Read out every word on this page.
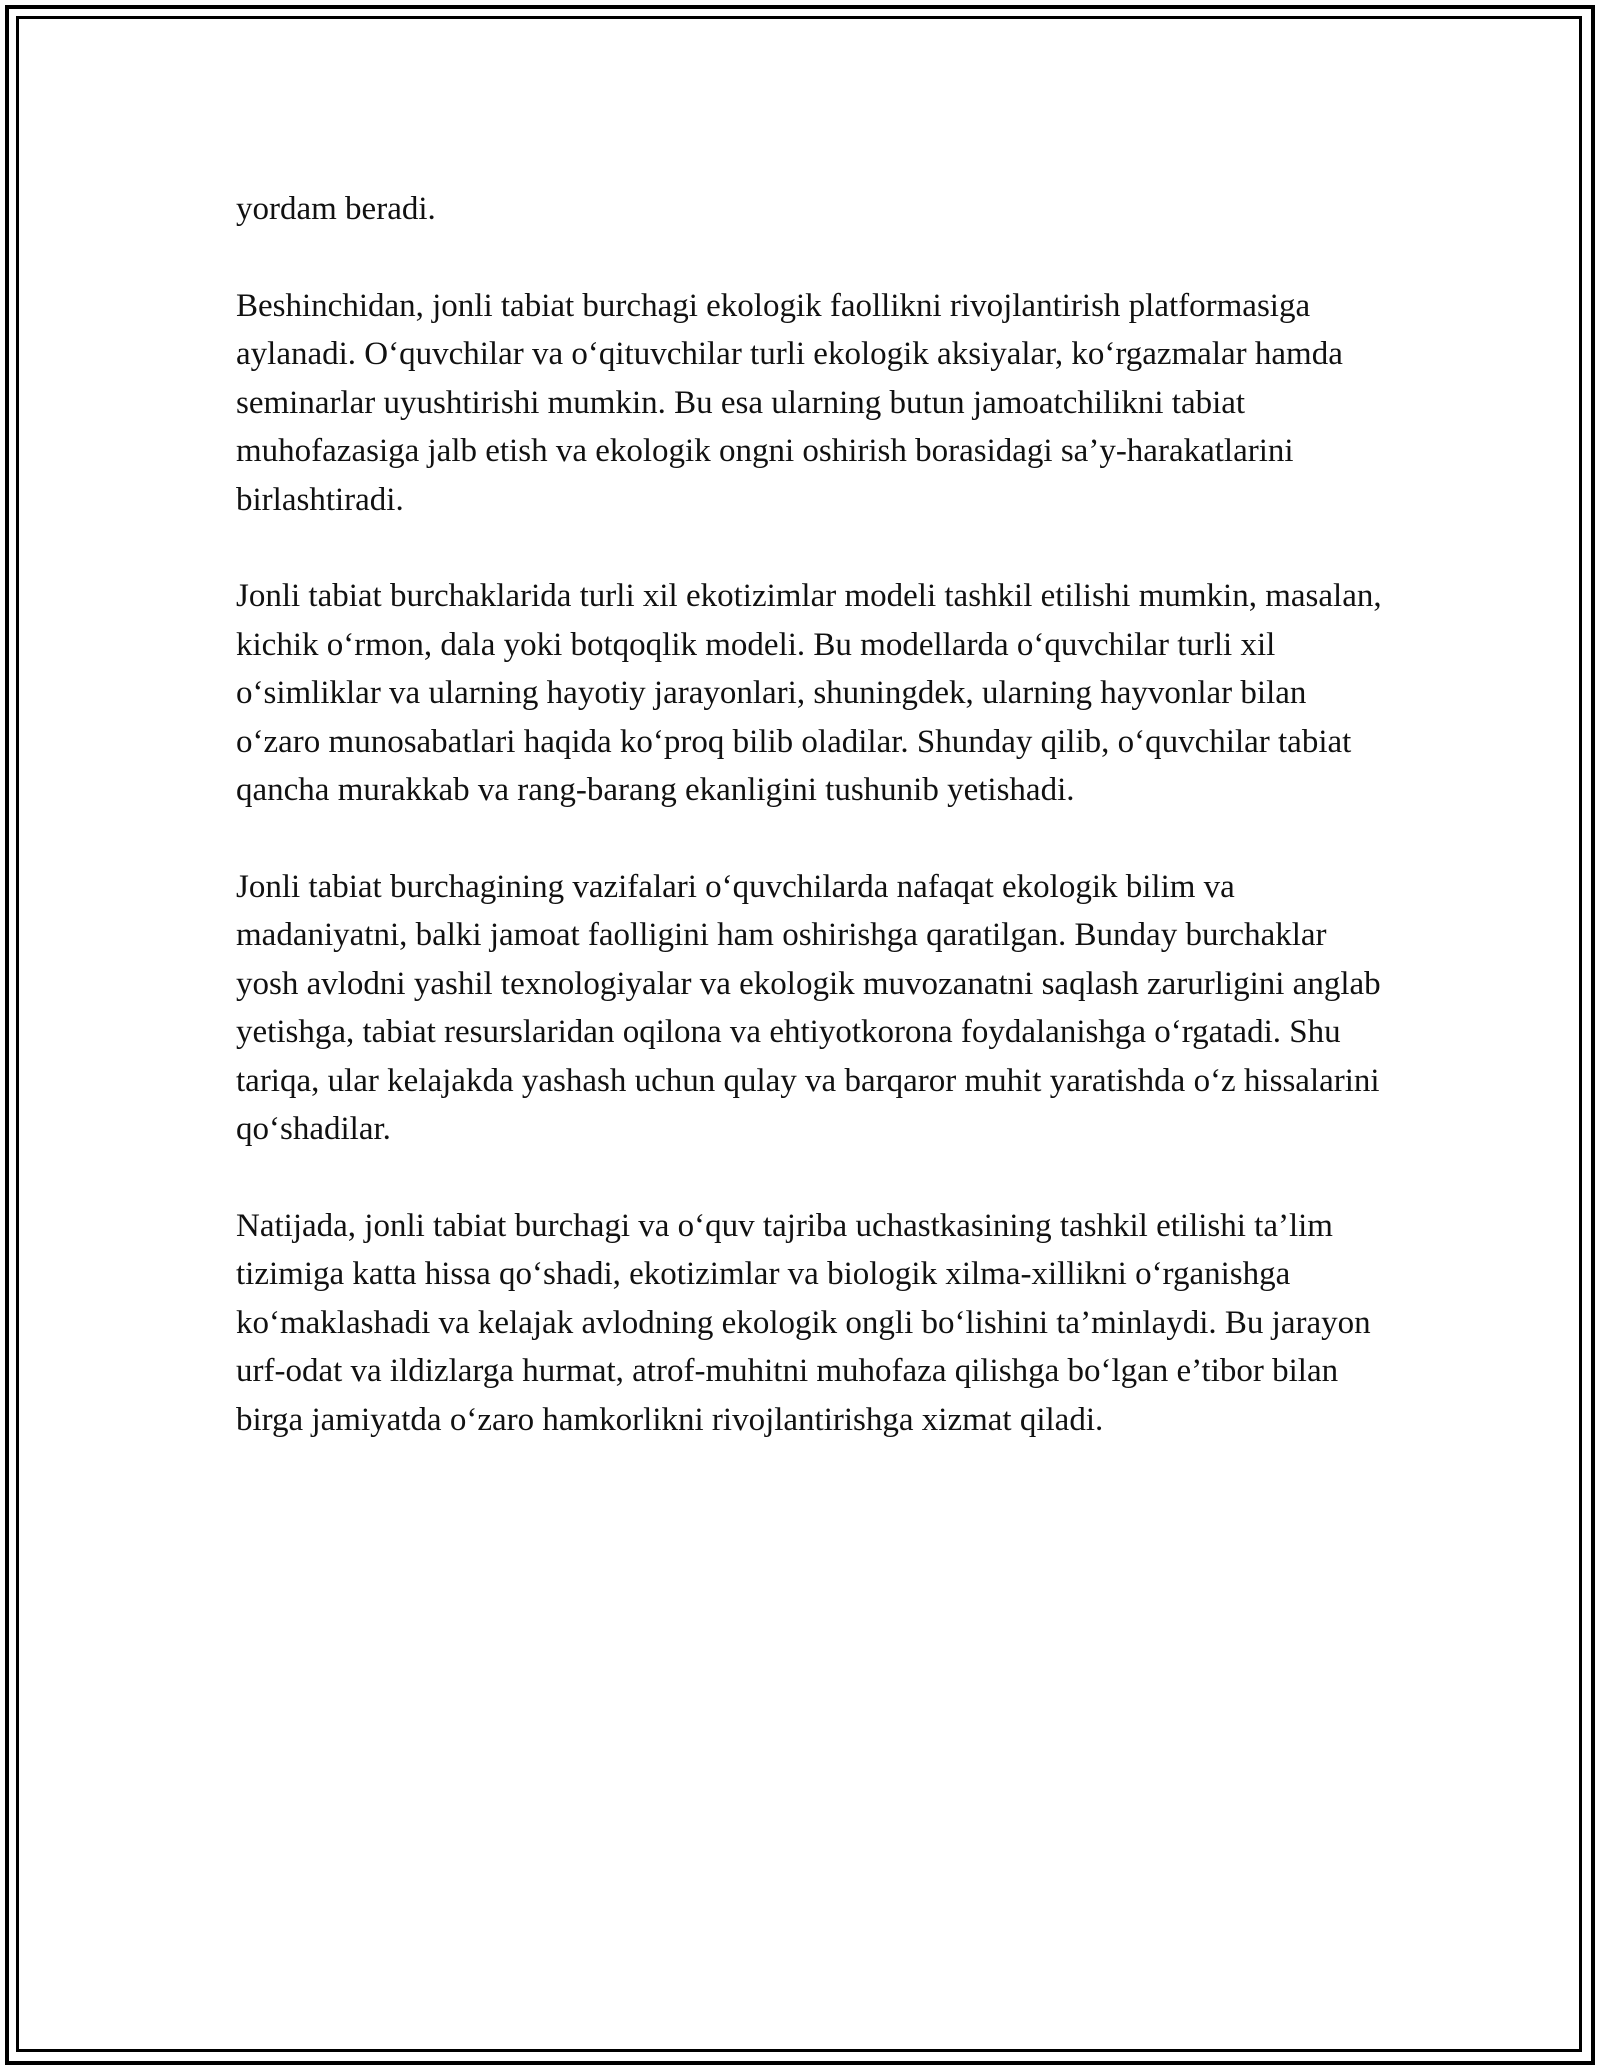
yordam beradi.

Beshinchidan, jonli tabiat burchagi ekologik faollikni rivojlantirish platformasiga aylanadi. O‘quvchilar va o‘qituvchilar turli ekologik aksiyalar, ko‘rgazmalar hamda seminarlar uyushtirishi mumkin. Bu esa ularning butun jamoatchilikni tabiat muhofazasiga jalb etish va ekologik ongni oshirish borasidagi sa’y-harakatlarini birlashtiradi.

Jonli tabiat burchaklarida turli xil ekotizimlar modeli tashkil etilishi mumkin, masalan, kichik o‘rmon, dala yoki botqoqlik modeli. Bu modellarda o‘quvchilar turli xil o‘simliklar va ularning hayotiy jarayonlari, shuningdek, ularning hayvonlar bilan o‘zaro munosabatlari haqida ko‘proq bilib oladilar. Shunday qilib, o‘quvchilar tabiat qancha murakkab va rang-barang ekanligini tushunib yetishadi.

Jonli tabiat burchagining vazifalari o‘quvchilarda nafaqat ekologik bilim va madaniyatni, balki jamoat faolligini ham oshirishga qaratilgan. Bunday burchaklar yosh avlodni yashil texnologiyalar va ekologik muvozanatni saqlash zarurligini anglab yetishga, tabiat resurslaridan oqilona va ehtiyotkorona foydalanishga o‘rgatadi. Shu tariqa, ular kelajakda yashash uchun qulay va barqaror muhit yaratishda o‘z hissalarini qo‘shadilar.

Natijada, jonli tabiat burchagi va o‘quv tajriba uchastkasining tashkil etilishi ta’lim tizimiga katta hissa qo‘shadi, ekotizimlar va biologik xilma-xillikni o‘rganishga ko‘maklashadi va kelajak avlodning ekologik ongli bo‘lishini ta’minlaydi. Bu jarayon urf-odat va ildizlarga hurmat, atrof-muhitni muhofaza qilishga bo‘lgan e’tibor bilan birga jamiyatda o‘zaro hamkorlikni rivojlantirishga xizmat qiladi.
